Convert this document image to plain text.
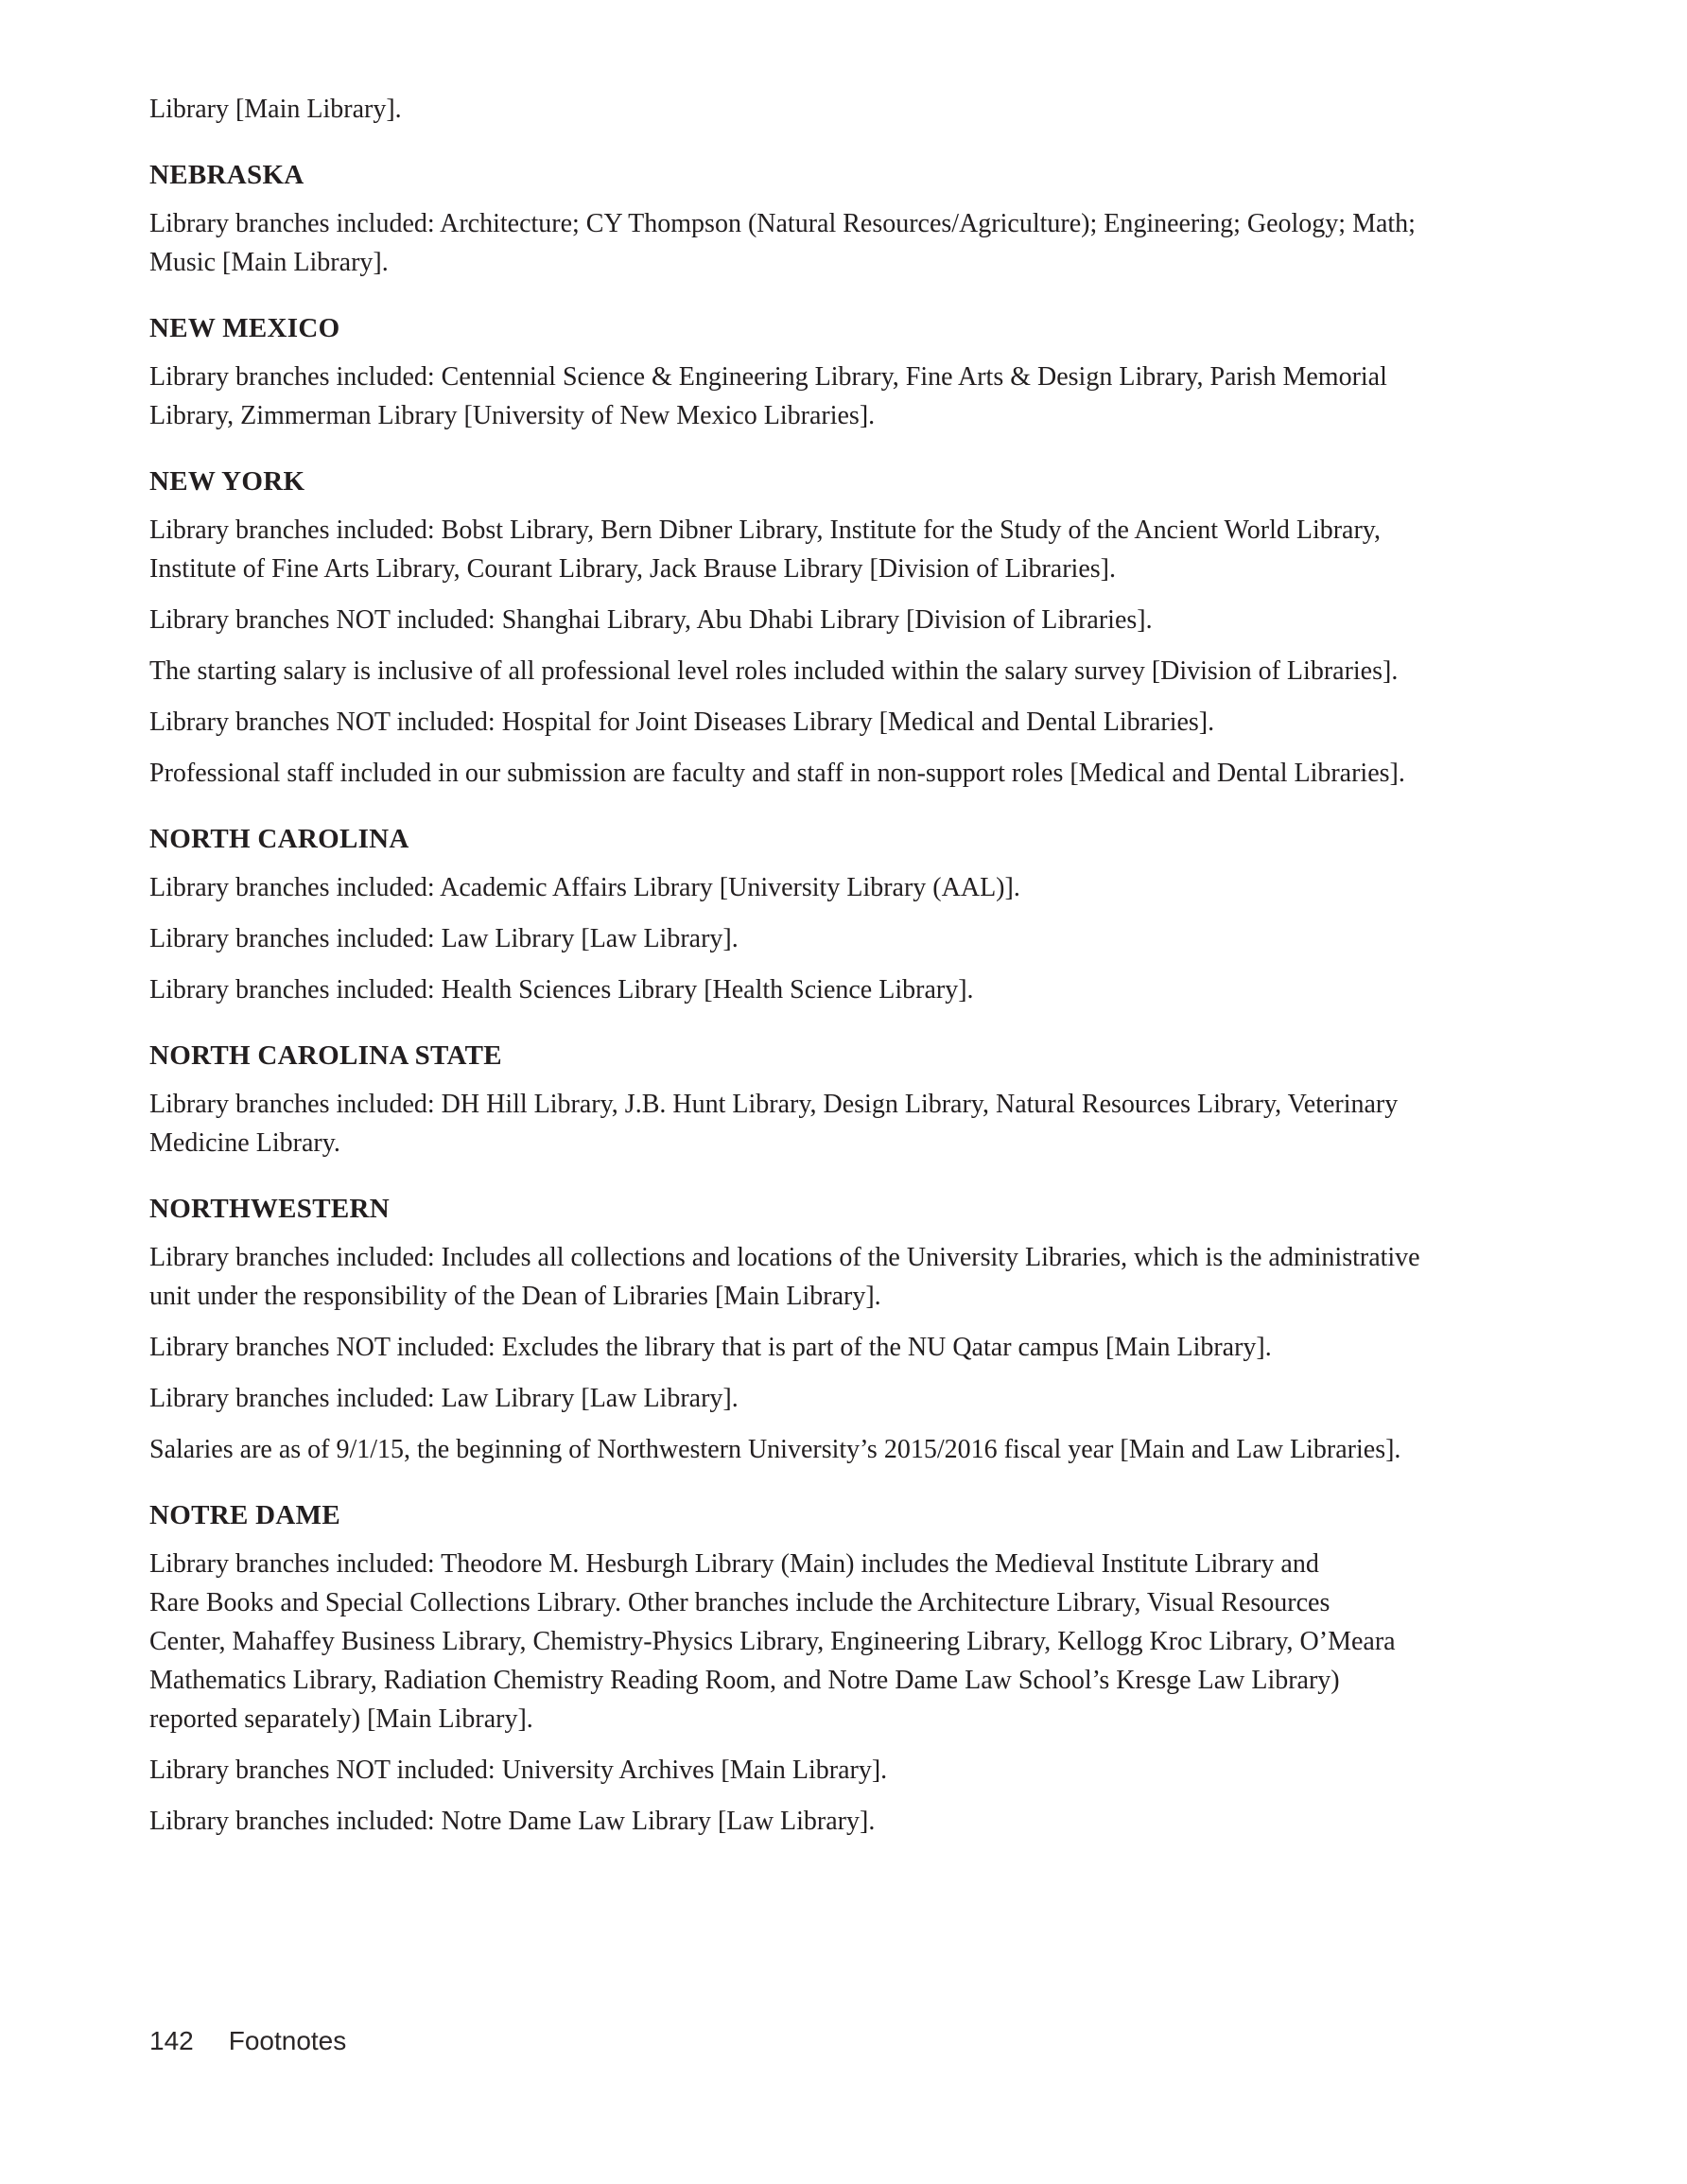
Library [Main Library].

NEBRASKA

Library branches included: Architecture; CY Thompson (Natural Resources/Agriculture); Engineering; Geology; Math;
Music [Main Library].

NEW MEXICO

Library branches included: Centennial Science & Engineering Library, Fine Arts & Design Library, Parish Memorial
Library, Zimmerman Library [University of New Mexico Libraries].

NEW YORK

Library branches included: Bobst Library, Bern Dibner Library, Institute for the Study of the Ancient World Library,
Institute of Fine Arts Library, Courant Library, Jack Brause Library [Division of Libraries].

Library branches NOT included: Shanghai Library, Abu Dhabi Library [Division of Libraries].

The starting salary is inclusive of all professional level roles included within the salary survey [Division of Libraries].

Library branches NOT included: Hospital for Joint Diseases Library [Medical and Dental Libraries].

Professional staff included in our submission are faculty and staff in non-support roles [Medical and Dental Libraries].

NORTH CAROLINA

Library branches included: Academic Affairs Library [University Library (AAL)].

Library branches included: Law Library [Law Library].

Library branches included: Health Sciences Library [Health Science Library].

NORTH CAROLINA STATE

Library branches included: DH Hill Library, J.B. Hunt Library, Design Library, Natural Resources Library, Veterinary
Medicine Library.

NORTHWESTERN

Library branches included: Includes all collections and locations of the University Libraries, which is the administrative
unit under the responsibility of the Dean of Libraries [Main Library].

Library branches NOT included: Excludes the library that is part of the NU Qatar campus [Main Library].

Library branches included: Law Library [Law Library].

Salaries are as of 9/1/15, the beginning of Northwestern University’s 2015/2016 fiscal year [Main and Law Libraries].

NOTRE DAME

Library branches included: Theodore M. Hesburgh Library (Main) includes the Medieval Institute Library and
Rare Books and Special Collections Library. Other branches include the Architecture Library, Visual Resources
Center, Mahaffey Business Library, Chemistry-Physics Library, Engineering Library, Kellogg Kroc Library, O’Meara
Mathematics Library, Radiation Chemistry Reading Room, and Notre Dame Law School’s Kresge Law Library)
reported separately) [Main Library].

Library branches NOT included: University Archives [Main Library].

Library branches included: Notre Dame Law Library [Law Library].

142 Footnotes
